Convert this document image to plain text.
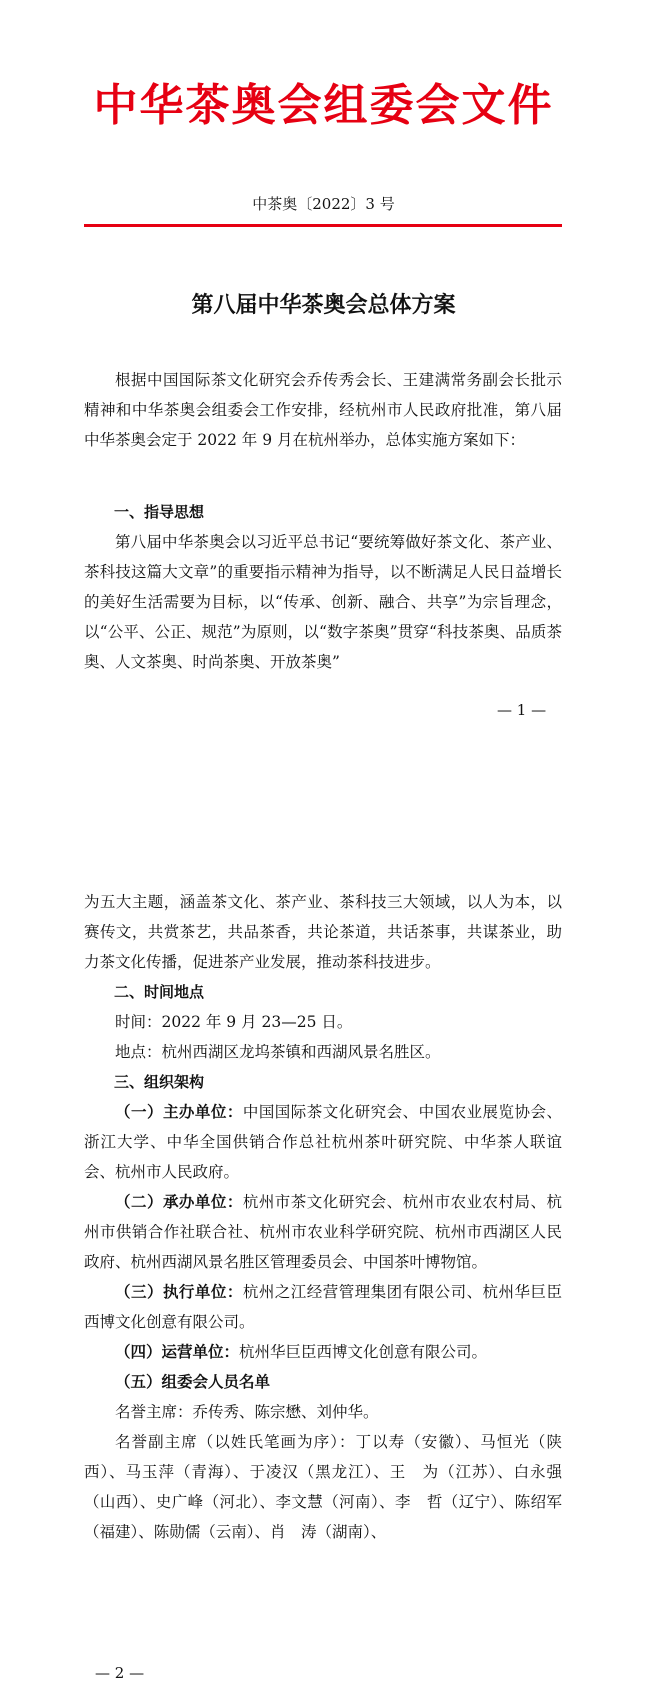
中华茶奥会组委会文件
中茶奥〔2022〕3 号
第八届中华茶奥会总体方案

根据中国国际茶文化研究会乔传秀会长、王建满常务副会长批示精神和中华茶奥会组委会工作安排，经杭州市人民政府批准，第八届中华茶奥会定于 2022 年 9 月在杭州举办，总体实施方案如下：

一、指导思想

第八届中华茶奥会以习近平总书记“要统筹做好茶文化、茶产业、茶科技这篇大文章”的重要指示精神为指导，以不断满足人民日益增长的美好生活需要为目标，以“传承、创新、融合、共享”为宗旨理念，以“公平、公正、规范”为原则，以“数字茶奥”贯穿“科技茶奥、品质茶奥、人文茶奥、时尚茶奥、开放茶奥”

— 1 —

为五大主题，涵盖茶文化、茶产业、茶科技三大领域，以人为本，以赛传文，共赏茶艺，共品茶香，共论茶道，共话茶事，共谋茶业，助力茶文化传播，促进茶产业发展，推动茶科技进步。

二、时间地点

时间：2022 年 9 月 23—25 日。

地点：杭州西湖区龙坞茶镇和西湖风景名胜区。

三、组织架构

（一）主办单位：中国国际茶文化研究会、中国农业展览协会、浙江大学、中华全国供销合作总社杭州茶叶研究院、中华茶人联谊会、杭州市人民政府。

（二）承办单位：杭州市茶文化研究会、杭州市农业农村局、杭州市供销合作社联合社、杭州市农业科学研究院、杭州市西湖区人民政府、杭州西湖风景名胜区管理委员会、中国茶叶博物馆。

（三）执行单位：杭州之江经营管理集团有限公司、杭州华巨臣西博文化创意有限公司。

（四）运营单位：杭州华巨臣西博文化创意有限公司。

（五）组委会人员名单

名誉主席：乔传秀、陈宗懋、刘仲华。

名誉副主席（以姓氏笔画为序）：丁以寿（安徽）、马恒光（陕西）、马玉萍（青海）、于凌汉（黑龙江）、王　为（江苏）、白永强（山西）、史广峰（河北）、李文慧（河南）、李　哲（辽宁）、陈绍军（福建）、陈勋儒（云南）、肖　涛（湖南）、

— 2 —
